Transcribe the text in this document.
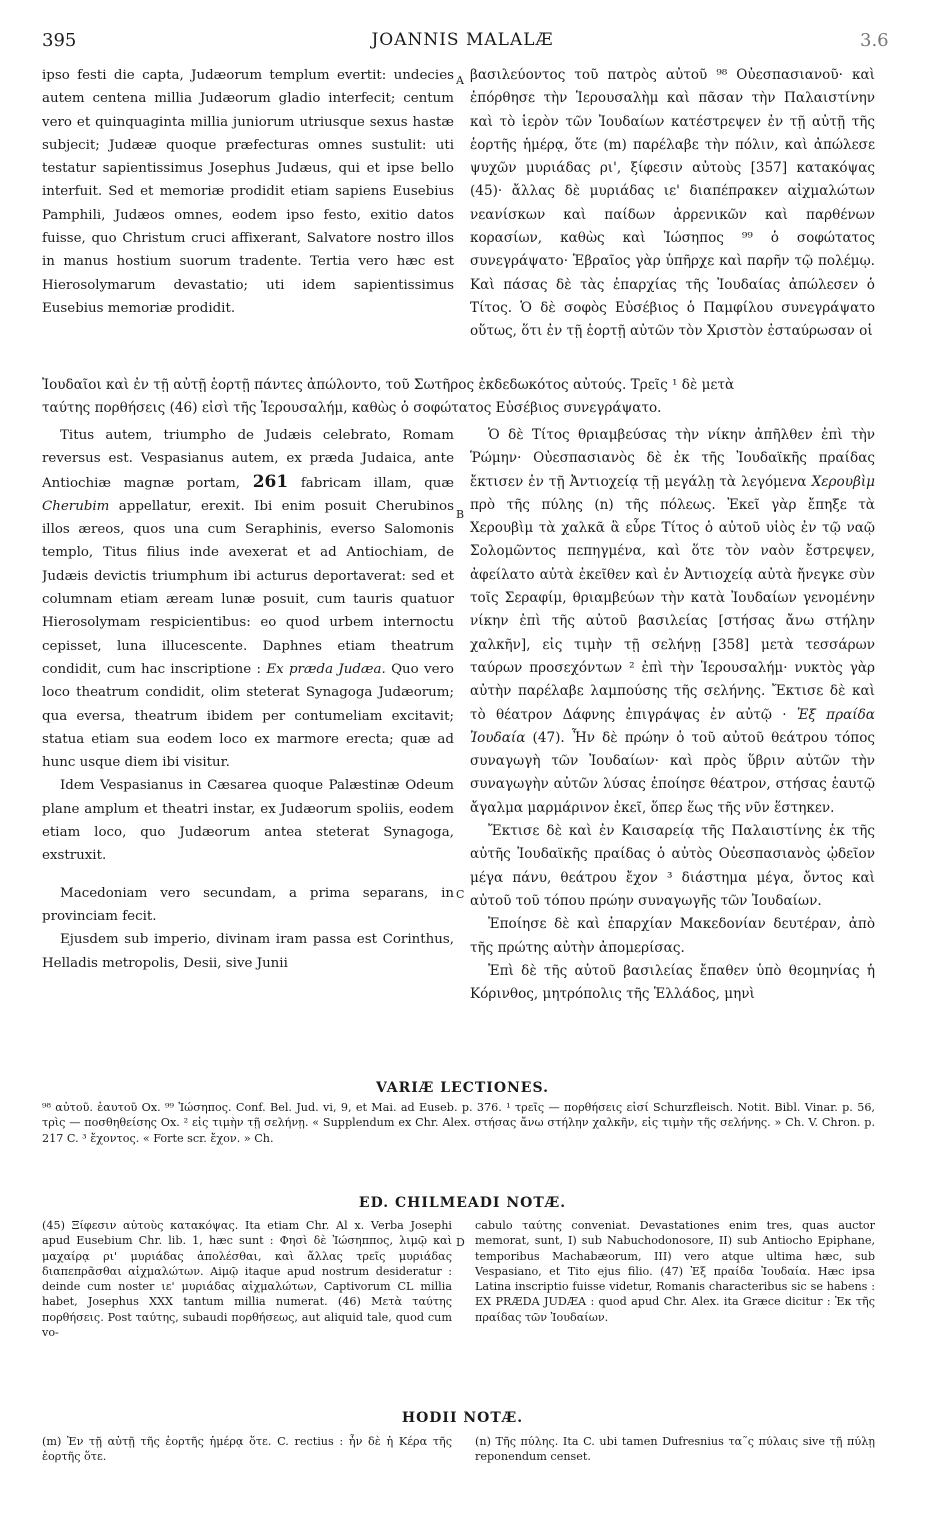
395	JOANNIS MALALÆ	3.6
A
B
C
D

ipso festi die capta, Judæorum templum evertit: undecies autem centena millia Judæorum gladio interfecit; centum vero et quinquaginta millia juniorum utriusque sexus hastæ subjecit; Judææ quoque præfecturas omnes sustulit: uti testatur sapientissimus Josephus Judæus, qui et ipse bello interfuit. Sed et memoriæ prodidit etiam sapiens Eusebius Pamphili, Judæos omnes, eodem ipso festo, exitio datos fuisse, quo Christum cruci affixerant, Salvatore nostro illos in manus hostium suorum tradente. Tertia vero hæc est Hierosolymarum devastatio; uti idem sapientissimus Eusebius memoriæ prodidit.

βασιλεύοντος τοῦ πατρὸς αὐτοῦ ⁹⁸ Οὐεσπασιανοῦ· καὶ ἐπόρθησε τὴν Ἱερουσαλὴμ καὶ πᾶσαν τὴν Παλαιστίνην καὶ τὸ ἱερὸν τῶν Ἰουδαίων κατέστρεψεν ἐν τῇ αὐτῇ τῆς ἑορτῆς ἡμέρᾳ, ὅτε (m) παρέλαβε τὴν πόλιν, καὶ ἀπώλεσε ψυχῶν μυριάδας ρι', ξίφεσιν αὐτοὺς [357] κατακόψας (45)· ἄλλας δὲ μυριάδας ιε' διαπέπρακεν αἰχμαλώτων νεανίσκων καὶ παίδων ἀρρενικῶν καὶ παρθένων κορασίων, καθὼς καὶ Ἰώσηπος ⁹⁹ ὁ σοφώτατος συνεγράψατο· Ἑβραῖος γὰρ ὑπῆρχε καὶ παρῆν τῷ πολέμῳ. Καὶ πάσας δὲ τὰς ἐπαρχίας τῆς Ἰουδαίας ἀπώλεσεν ὁ Τίτος. Ὁ δὲ σοφὸς Εὐσέβιος ὁ Παμφίλου συνεγράψατο οὕτως, ὅτι ἐν τῇ ἑορτῇ αὐτῶν τὸν Χριστὸν ἐσταύρωσαν οἱ

Ἰουδαῖοι καὶ ἐν τῇ αὐτῇ ἑορτῇ πάντες ἀπώλοντο, τοῦ Σωτῆρος ἐκδεδωκότος αὐτούς. Τρεῖς ¹ δὲ μετὰ
ταύτης πορθήσεις (46) εἰσὶ τῆς Ἱερουσαλήμ, καθὼς ὁ σοφώτατος Εὐσέβιος συνεγράψατο.

Titus autem, triumpho de Judæis celebrato, Romam reversus est. Vespasianus autem, ex præda Judaica, ante Antiochiæ magnæ portam, 261 fabricam illam, quæ Cherubim appellatur, erexit. Ibi enim posuit Cherubinos illos æreos, quos una cum Seraphinis, everso Salomonis templo, Titus filius inde avexerat et ad Antiochiam, de Judæis devictis triumphum ibi acturus deportaverat: sed et columnam etiam æream lunæ posuit, cum tauris quatuor Hierosolymam respicientibus: eo quod urbem internoctu cepisset, luna illucescente. Daphnes etiam theatrum condidit, cum hac inscriptione : Ex præda Judæa. Quo vero loco theatrum condidit, olim steterat Synagoga Judæorum; qua eversa, theatrum ibidem per contumeliam excitavit; statua etiam sua eodem loco ex marmore erecta; quæ ad hunc usque diem ibi visitur.

Idem Vespasianus in Cæsarea quoque Palæstinæ Odeum plane amplum et theatri instar, ex Judæorum spoliis, eodem etiam loco, quo Judæorum antea steterat Synagoga, exstruxit.

Macedoniam vero secundam, a prima separans, in provinciam fecit.

Ejusdem sub imperio, divinam iram passa est Corinthus, Helladis metropolis, Desii, sive Junii

Ὁ δὲ Τίτος θριαμβεύσας τὴν νίκην ἀπῆλθεν ἐπὶ τὴν Ῥώμην· Οὐεσπασιανὸς δὲ ἐκ τῆς Ἰουδαϊκῆς πραίδας ἔκτισεν ἐν τῇ Ἀντιοχείᾳ τῇ μεγάλῃ τὰ λεγόμενα Χερουβὶμ πρὸ τῆς πύλης (n) τῆς πόλεως. Ἐκεῖ γὰρ ἔπηξε τὰ Χερουβὶμ τὰ χαλκᾶ ἃ εὗρε Τίτος ὁ αὐτοῦ υἱὸς ἐν τῷ ναῷ Σολομῶντος πεπηγμένα, καὶ ὅτε τὸν ναὸν ἔστρεψεν, ἀφείλατο αὐτὰ ἐκεῖθεν καὶ ἐν Ἀντιοχείᾳ αὐτὰ ἤνεγκε σὺν τοῖς Σεραφίμ, θριαμβεύων τὴν κατὰ Ἰουδαίων γενομένην νίκην ἐπὶ τῆς αὐτοῦ βασιλείας [στήσας ἄνω στήλην χαλκῆν], εἰς τιμὴν τῇ σελήνῃ [358] μετὰ τεσσάρων ταύρων προσεχόντων ² ἐπὶ τὴν Ἱερουσαλήμ· νυκτὸς γὰρ αὐτὴν παρέλαβε λαμπούσης τῆς σελήνης. Ἔκτισε δὲ καὶ τὸ θέατρον Δάφνης ἐπιγράψας ἐν αὐτῷ · Ἐξ πραίδα Ἰουδαία (47). Ἦν δὲ πρώην ὁ τοῦ αὐτοῦ θεάτρου τόπος συναγωγὴ τῶν Ἰουδαίων· καὶ πρὸς ὕβριν αὐτῶν τὴν συναγωγὴν αὐτῶν λύσας ἐποίησε θέατρον, στήσας ἑαυτῷ ἄγαλμα μαρμάρινον ἐκεῖ, ὅπερ ἕως τῆς νῦν ἕστηκεν.

Ἔκτισε δὲ καὶ ἐν Καισαρείᾳ τῆς Παλαιστίνης ἐκ τῆς αὐτῆς Ἰουδαϊκῆς πραίδας ὁ αὐτὸς Οὐεσπασιανὸς ᾠδεῖον μέγα πάνυ, θεάτρου ἔχον ³ διάστημα μέγα, ὄντος καὶ αὐτοῦ τοῦ τόπου πρώην συναγωγῆς τῶν Ἰουδαίων.

Ἐποίησε δὲ καὶ ἐπαρχίαν Μακεδονίαν δευτέραν, ἀπὸ τῆς πρώτης αὐτὴν ἀπομερίσας.

Ἐπὶ δὲ τῆς αὐτοῦ βασιλείας ἔπαθεν ὑπὸ θεομηνίας ἡ Κόρινθος, μητρόπολις τῆς Ἑλλάδος, μηνὶ

VARIÆ LECTIONES.
⁹⁸ αὐτοῦ. ἑαυτοῦ Ox. ⁹⁹ Ἰώσηπος. Conf. Bel. Jud. vi, 9, et Mai. ad Euseb. p. 376. ¹ τρεῖς — πορθήσεις εἰσί Schurzfleisch. Notit. Bibl. Vinar. p. 56, τρὶς — ποσθηθείσης Ox. ² εἰς τιμὴν τῇ σελήνῃ. « Supplendum ex Chr. Alex. στήσας ἄνω στήλην χαλκῆν, εἰς τιμὴν τῆς σελήνης. » Ch. V. Chron. p. 217 C. ³ ἔχοντος. « Forte scr. ἔχον. » Ch.
ED. CHILMEADI NOTÆ.
(45) Ξίφεσιν αὐτοὺς κατακόψας. Ita etiam Chr. Al x. Verba Josephi apud Eusebium Chr. lib. 1, hæc sunt : Φησὶ δὲ Ἰώσηππος, λιμῷ καὶ μαχαίρᾳ ρι' μυριάδας ἀπολέσθαι, καὶ ἄλλας τρεῖς μυριάδας διαπεπρᾶσθαι αἰχμαλώτων. Aiμῷ itaque apud nostrum desideratur : deinde cum noster ιε' μυριάδας αἰχμαλώτων, Captivorum CL millia habet, Josephus XXX tantum millia numerat. (46) Μετὰ ταύτης πορθήσεις. Post ταύτης, subaudi πορθήσεως, aut aliquid tale, quod cum vo-
cabulo ταύτης conveniat. Devastationes enim tres, quas auctor memorat, sunt, I) sub Nabuchodonosore, II) sub Antiocho Epiphane, temporibus Machabæorum, III) vero atque ultima hæc, sub Vespasiano, et Tito ejus filio. (47) Ἐξ πραίδα Ἰουδαία. Hæc ipsa Latina inscriptio fuisse videtur, Romanis characteribus sic se habens : EX PRÆDA JUDÆA : quod apud Chr. Alex. ita Græce dicitur : Ἐκ τῆς πραίδας τῶν Ἰουδαίων.
HODII NOTÆ.
(m) Ἐν τῇ αὐτῇ τῆς ἑορτῆς ἡμέρᾳ ὅτε. C. rectius : ἦν δὲ ἡ Κέρα τῆς ἑορτῆς ὅτε.
(n) Τῆς πύλης. Ita C. ubi tamen Dufresnius τα῀ς πύλαις sive τῇ πύλῃ reponendum censet.
